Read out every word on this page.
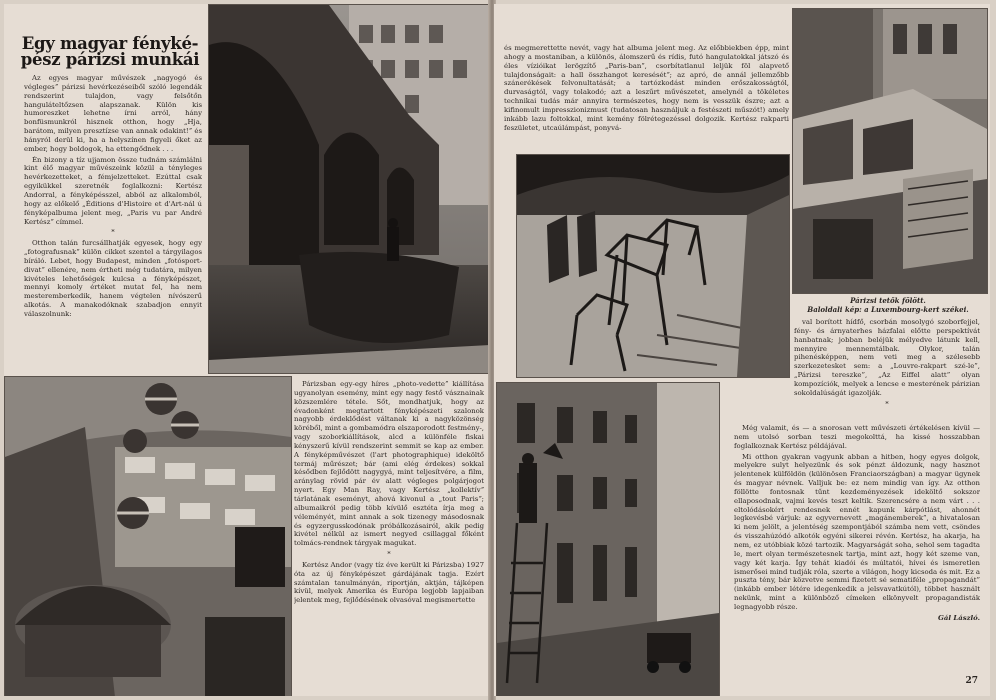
Egy magyar fényké-pész párizsi munkái

Az egyes magyar művészek „nagyogó és véglegesˮ párizsi hevérkezéseiből szóló legendák rendszerint tulajdon, vagy felsőtőn hanguláteltőzsen alapszanak. Külön kis humoreszket lehetne írni arról, hány bonfüsmunkról hisznek otthon, hogy „Hja, barátom, milyen presztízse van annak odakint!ˮ és hányról derül ki, ha a helyszínen figyeli őket az ember, hogy boldogok, ha ettengődnek . . .

Én bizony a tíz ujjamon össze tudnám számlálni kint élő magyar művészeink közül a tényleges hevérkezetteket, a fémjelzetteket. Ezúttal csak egyikükkel szeretnék foglalkozni: Kertész Andorral, a fényképésszel, abból az alkalomból, hogy az előkelő „Éditions d'Histoire et d'Art-nál ú fényképalbuma jelent meg, „Paris vu par André Kertészˮ címmel.

*

Otthon talán furcsállhatják egyesek, hogy egy „fotografusnakˮ külön cikket szentel a tárgyilagos bíráló. Lebet, hogy Budapest, minden „fotósport-divatˮ ellenére, nem értheti még tudatára, milyen kivételes lehetőségek kulcsa a fényképészet, mennyi komoly értéket mutat fel, ha nem mesteremberkedik, hanem végtelen nívószerű alkotás. A manakodóknak szabadjon ennyit válaszolnunk:

Párizsban egy-egy híres „photo-vedetteˮ kiállítása ugyanolyan esemény, mint egy nagy festő vásznainak közszemlére tétele. Sőt, mondhatjuk, hogy az évadonként megtartott fényképészeti szalonok nagyobb érdeklődést váltanak ki a nagyközönség köréből, mint a gombamódra elszaporodott festmény-, vagy szoborkiállítások, alcd a különféle fiskai kényszerű kívül rendszerint semmit se kap az ember. A fényképművészet (l'art photographique) ideköltő termáj műrészet; bár (ami elég érdekes) sokkal késődben fejlődött nagygyá, mint teljesítvére, a film, aránylag rövid pár év alatt végleges polgárjogot nyert. Egy Man Ray, vagy Kertész „kollektívˮ tárlatának eseményt, ahová kivonul a „tout Parisˮ; albumaikról pedig több kívülő esztéta írja meg a véleményét, mint annak a sok tizenegy másodosnak és egyzergusskodónak próbálkozásairól, akik pedig kivétel nélkül az ismert negyed csillaggal főként tolmács-rendnek tárgyak magukat.

*

Kertész Andor (vagy tíz éve került ki Párizsba) 1927 óta az új fényképészet gárdájának tagja. Ezért számtalan tanulmányán, riportján, aktján, tájképen kívül, melyek Amerika és Európa legjobb lapjaiban jelentek meg, fejlődésének olvasóval megismertette

és megmerettette nevét, vagy hat albuma jelent meg. Az előbbiekben épp, mint ahogy a mostaniban, a különös, álomszerű és rídis, futó hangulatokkal játszó és éles vízióikat lerögzítő „Paris-banˮ, csorbítatlanul leljük föl alapvető tulajdonságait: a hall összhangot keresésétˮ; az apró, de annál jellemzőbb szánerékések felvonultatását; a tartózkodást minden erőszakosságtól, durvaságtól, vagy tolakodó; azt a leszűrt művészetet, amelynél a tökéletes technikai tudás már annyira természetes, hogy nem is vesszük észre; azt a kifinomult impresszionizmust (tudatosan használjuk a festészeti műszót!) amely inkább lazu foltokkal, mint kemény fölrétegezéssel dolgozik. Kertész rakparti feszületet, utcaúlámpást, ponyvá-

Párizsi tetők fölött.
Baloldali kép: a Luxembourg-kert székei.

val borított hídfő, csorbán mosolygó szoborfejjel, fény- és árnyaterhes házfalai előtte perspektívát hanbatnak; jobban beléjük mélyedve látunk kell, mennyire mennemtálbak. Olykor, talán pihenésképpen, nem veti meg a szélesebb szerkezetesket sem: a „Louvre-rakpart szé-le”, „Párizsi tereszke”, „Az Eiffel alatt” olyan kompozíciók, melyek a lencse e mesterének párizian sokoldalúságát igazolják.

*

Még valamit, és — a snorosan vett művészeti értékelésen kívül — nem utolsó sorban teszi megokolttá, ha kissé hosszabban foglalkoznak Kertész példájával.

Mi otthon gyakran vagyunk abban a hitben, hogy egyes dolgok, melyekre sulyt helyezünk és sok pénzt áldozunk, nagy hasznot jelentenek külföldön (különösen Franciaországban) a magyar ügynek és magyar névnek. Valljuk be: ez nem mindig van így. Az otthon föllötte fontosnak tűnt kezdeményezések ideköltő sokszor ellaposodnak, vajmi kevés teszt keltik. Szerencsére a nem várt . . . eltolódásokért rendesnek ennét kapunk kárpótlást, ahonnét legkevésbé várjuk: az egyvernevett „magánemberek”, a hivatalosan ki nem jelölt, a jelentéség szempontjából számba nem vett, csöndes és visszahúzódó alkotók egyéni sikerei révén. Kertész, ha akarja, ha nem, ez utóbbiak közé tartozik. Magyarságát soha, sehol sem tagadta le, mert olyan természetesnek tartja, mint azt, hogy két szeme van, vagy két karja. Így tehát kiadói és múltatói, hívei és ismeretlen ismerősei mind tudják róla, szerte a világon, hogy kicsoda és mit. Ez a puszta tény, bár közvetve semmi fizetett sé sematiféle „propagandát” (inkább ember létére idegenkedik a jelsvavatkútól), többet használt nekünk, mint a különböző címeken elkönyvelt propagandisták legnagyobb része.

Gál László.

27
